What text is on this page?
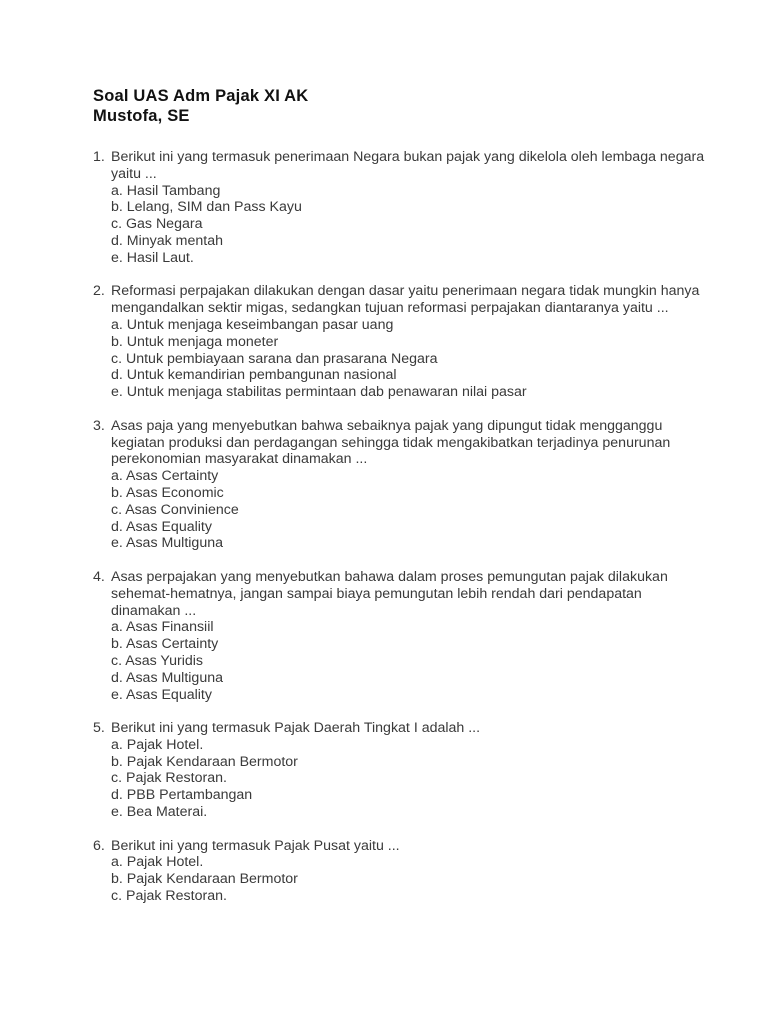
Soal UAS Adm Pajak XI AK
Mustofa, SE
1. Berikut ini yang termasuk penerimaan Negara bukan pajak yang dikelola oleh lembaga negara yaitu ...
a. Hasil Tambang
b. Lelang, SIM dan Pass Kayu
c. Gas Negara
d. Minyak mentah
e. Hasil Laut.
2. Reformasi perpajakan dilakukan dengan dasar yaitu penerimaan negara tidak mungkin hanya mengandalkan sektir migas, sedangkan tujuan reformasi perpajakan diantaranya yaitu ...
a. Untuk menjaga keseimbangan pasar uang
b. Untuk menjaga moneter
c. Untuk pembiayaan sarana dan prasarana Negara
d. Untuk kemandirian pembangunan nasional
e. Untuk menjaga stabilitas permintaan dab penawaran nilai pasar
3. Asas paja yang menyebutkan bahwa sebaiknya pajak yang dipungut tidak mengganggu kegiatan produksi dan perdagangan sehingga tidak mengakibatkan terjadinya penurunan perekonomian masyarakat dinamakan ...
a. Asas Certainty
b. Asas Economic
c. Asas Convinience
d. Asas Equality
e. Asas Multiguna
4. Asas perpajakan yang menyebutkan bahawa dalam proses pemungutan pajak dilakukan sehemat-hematnya, jangan sampai biaya pemungutan lebih rendah dari pendapatan dinamakan ...
a. Asas Finansiil
b. Asas Certainty
c. Asas Yuridis
d. Asas Multiguna
e. Asas Equality
5. Berikut ini yang termasuk Pajak Daerah Tingkat I adalah ...
a. Pajak Hotel.
b. Pajak Kendaraan Bermotor
c. Pajak Restoran.
d. PBB Pertambangan
e. Bea Materai.
6. Berikut ini yang termasuk Pajak Pusat yaitu ...
a. Pajak Hotel.
b. Pajak Kendaraan Bermotor
c. Pajak Restoran.
